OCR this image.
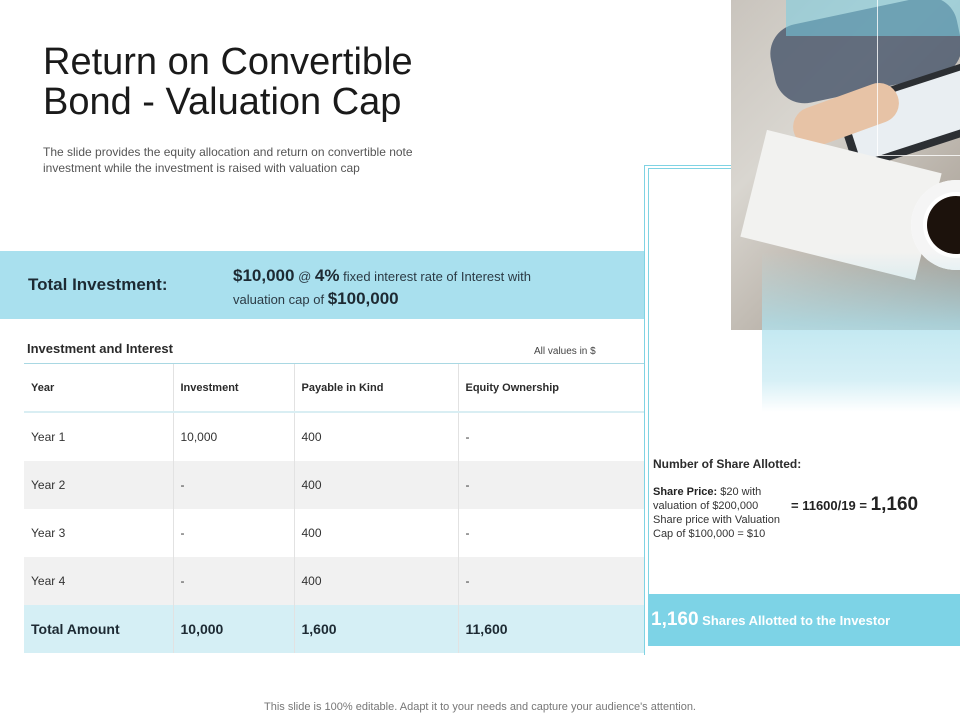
Return on Convertible Bond - Valuation Cap
The slide provides the equity allocation and return on convertible note investment while the investment is raised with valuation cap
Total Investment:	$10,000 @ 4% fixed interest rate of Interest with
valuation cap of $100,000
Investment and Interest	All values in $
Year	Investment	Payable in Kind	Equity Ownership
Year 1	10,000	400	-
Year 2	-	400	-
Year 3	-	400	-
Year 4	-	400	-
Total Amount	10,000	1,600	11,600
Number of Share Allotted:
Share Price: $20 with valuation of $200,000
Share price with Valuation Cap of $100,000 = $10
= 11600/19 = 1,160
1,160 Shares Allotted to the Investor
This slide is 100% editable. Adapt it to your needs and capture your audience's attention.
